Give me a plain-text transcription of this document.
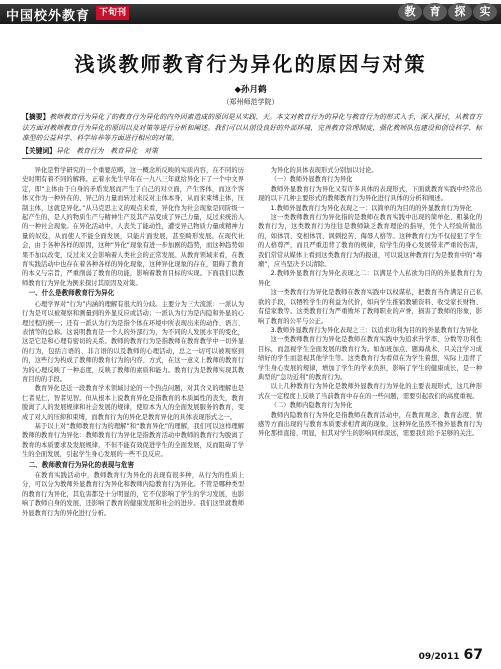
中国校外教育 下旬刊	教	育	探	实
浅谈教师教育行为异化的原因与对策
◆孙月鹤
（郑州师范学院）
【摘要】教师教育行为异化了的教育行为异化的内外因素造成的原因是从实践、天。本文对教育行为的异化与教育行为的形式入手，深入探讨，从教育方法方面对教师教育行为异化的原因以及对策等进行分析和阐述。我们可以从创设良好的外部环境，完善教育管理制度，强化教师队伍建设和创设科学、标准型的公益科学、科学培养等方面进行相应的对策。
【关键词】异化　教育行为　教育异化　对策

异化是哲学研究的一个重要范畴，这一概念所反映的实质内容，在不同的历史时期有着不同的解释。正着水先生早年在一九八三年就给异化下了一个中文界定，即“主体由于自身的矛盾发展而产生了自己的对立面，产生客体，而这个客体又作为一种外在的、异己的力量而转过来反对主体本身，从而来束缚主体，压制主体，这就是异化。”从马克思主义的观点来看，异化作为社会现象是同阶级一起产生的，是人的物质生产与精神生产及其产品变成了异己力量，反过来统治人的一种社会现象。在异化活动中，人丧失了能动性，遭受异己物质力量或精神力量的奴役，从而使人不能全面发展，只能片面发展，甚至畸形发展。在现代社会，由于各种各样的原因，这种“异化”现象有进一步加剧的趋势，而这种趋势如果不加以改变，反过来又会影响着人类社会的正常发展。从教育领域来看，在教育实践活动中也存在着各种各样的异化现象，这种异化现象的存在，阻碍了教育的本义与宗旨，严重削弱了教育的功能，影响着教育目标的实现。下面我们以教师教育行为异化为例来探讨其原因及对策。

一、什么是教师教育行为异化

心理学界对“行为”内涵的理解有很大的分歧。主要分为三大流派：一派认为行为是可以被观察和测量到的外显反应或活动；一派认为行为是内隐和外显的心理过程的统一；还有一派认为行为是指个体在环境中所表现出来的动作、语言、表情等的总称。这说明教育是一个人的外部行为，为不同的人发展水平的变化，这是它是和心理有密切的关系。教师的教育行为是指教师在教育教学中一切外显的行为，包括言语的、非言语的以及教师的心理活动，总之一切可以被观察到的，这些行为构成了教师的教育行为的内容、方式，在这一意义上教师的教育行为的心理反映了一种态度，反映了教师的素质和能力。教育行为是教师实现其教育目的的手段。

教育异化是近一段教育学术领域讨论的一个热点问题，对其含义的理解也是仁者见仁，智者见智。但从根本上说教育异化是指教育的本质属性的丧失，教育脱离了人的发展规律和社会发展的规律，使原本为人的全面发展服务的教育，变成了对人的压抑和束缚，而教育行为的异化是教育异化的具体表现形式之一。

基于以上对“教师教育行为的理解”和“教育异化”的理解，我们可以这样理解教师的教育行为异化：教师教育行为异化是指教育活动中教师的教育行为脱离了教育的本质要求及发展规律，不但不能有效促进学生的全面发展，反而阻碍了学生的全面发展，引起学生身心发展的一些不良反应。

二、教师教育行为异化的表现与危害

在教育实践活动中，教师教育行为异化的表现有很多种，从行为的性质上分，可以分为教师外显教育行为异化和教师内隐教育行为异化。不管是哪种类型的教育行为异化，其危害都是十分明显的，它不仅影响了学生的学习发展，也影响了教师自身的发展，还影响了教育的健康发展和社会的进步。我们这里就教师外显教育行为的异化进行分析。

为异化的具体表现形式分别加以讨论。

（一）教师外显教育行为异化

教师外显教育行为异化又有许多具体的表现形式，下面就教育实践中经常出现的以下几种主要形式的教师教育行为异化进行具体的分析和阐述。

1.教师外显教育行为异化表现之一：以简单的为目的的外显教育行为异化

这一类教师教育行为异化指的是教师在教育实践中出现的简单化、粗暴化的教育行为，这类教育行为往往是教师缺乏教育理论的指导，凭个人经验所做出的，如体罚、变相体罚、讽刺挖苦、侮辱人格等。这种教育行为不仅侵犯了学生的人格尊严，而且严重违背了教育的规律，给学生的身心发展带来严重的伤害，我们常常从媒体上看到这类教育行为的报道，可以说这种教育行为是教育中的“毒瘤”，应当坚决予以清除。

2.教师外显教育行为异化表现之二：以满足个人私欲为目的的外显教育行为异化

这一类教育行为异化是教师在教育实践中以权谋私，把教育当作满足自己私欲的手段，以牺牲学生的利益为代价，如向学生推销教辅资料、收受家长财物、有偿家教等。这类教育行为严重败坏了教师职业的声誉，损害了教师的形象，影响了教育的公平与公正。

3.教师外显教育行为异化表现之三：以追求功利为目的的外显教育行为异化

这一类教师教育行为异化是教师在教育实践中为追求升学率、分数等功利性目标，而忽视学生全面发展的教育行为。如加班加点、题海战术、只关注学习成绩好的学生而忽视其他学生等。这类教育行为看似在为学生着想，实际上违背了学生身心发展的规律，增加了学生的学业负担，影响了学生的健康成长，是一种典型的“急功近利”的教育行为。

以上几种教育行为异化是教师外显教育行为异化的主要表现形式，这几种形式在一定程度上反映了当前教育中存在的一些问题，需要引起我们的高度重视。

（二）教师内隐教育行为异化

教师内隐教育行为异化是指教师在教育活动中，在教育观念、教育态度、情感等方面出现的与教育本质要求相背离的现象，这种异化虽然不像外显教育行为异化那样直接、明显，但其对学生的影响同样深远，需要我们给予足够的关注。

09/2011 67
